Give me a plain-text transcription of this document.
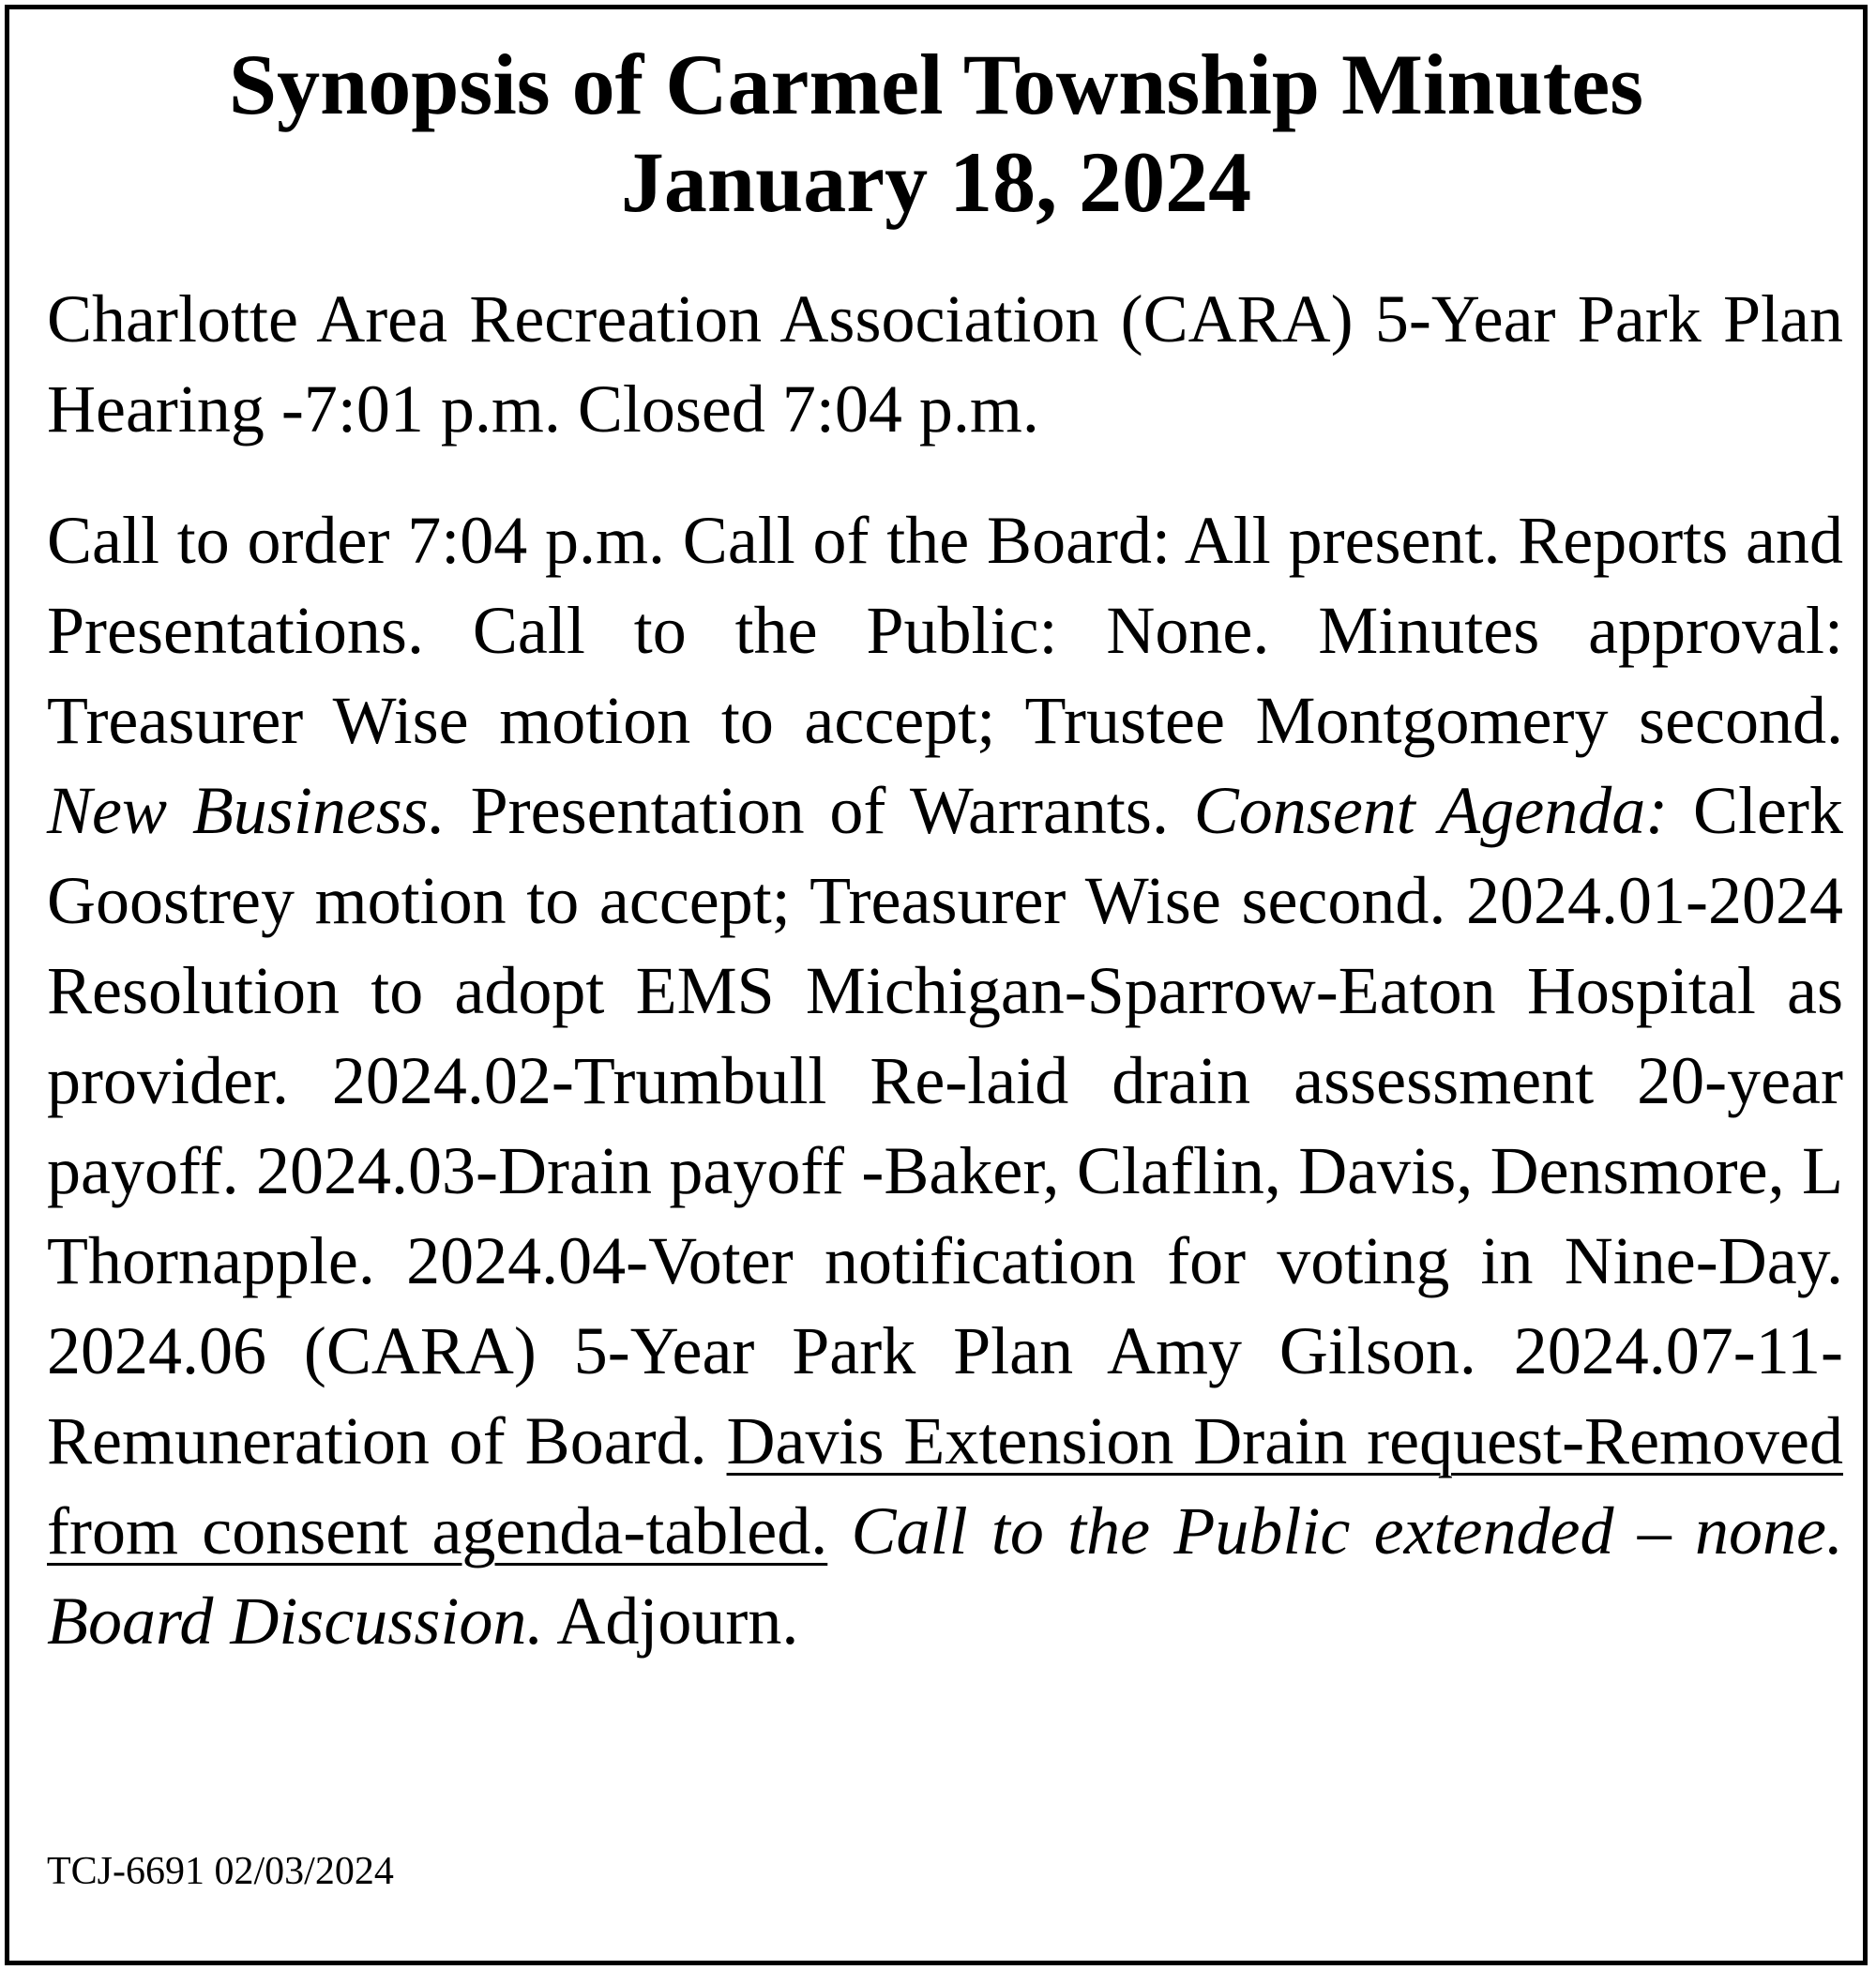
Synopsis of Carmel Township Minutes
January 18, 2024

Charlotte Area Recreation Association (CARA) 5-Year Park Plan Hearing -7:01 p.m. Closed 7:04 p.m.

Call to order 7:04 p.m. Call of the Board: All present. Reports and Presentations. Call to the Public: None. Minutes approval: Treasurer Wise motion to accept; Trustee Montgomery second. New Business. Presentation of Warrants. Consent Agenda: Clerk Goostrey motion to accept; Treasurer Wise second. 2024.01-2024 Resolution to adopt EMS Michigan-Sparrow-Eaton Hospital as provider. 2024.02-Trumbull Re-laid drain assessment 20-year payoff. 2024.03-Drain payoff -Baker, Claflin, Davis, Densmore, L Thornapple. 2024.04-Voter notification for voting in Nine-Day. 2024.06 (CARA) 5-Year Park Plan Amy Gilson. 2024.07-11-Remuneration of Board. Davis Extension Drain request-Removed from consent agenda-tabled. Call to the Public extended – none. Board Discussion. Adjourn.

TCJ-6691 02/03/2024
